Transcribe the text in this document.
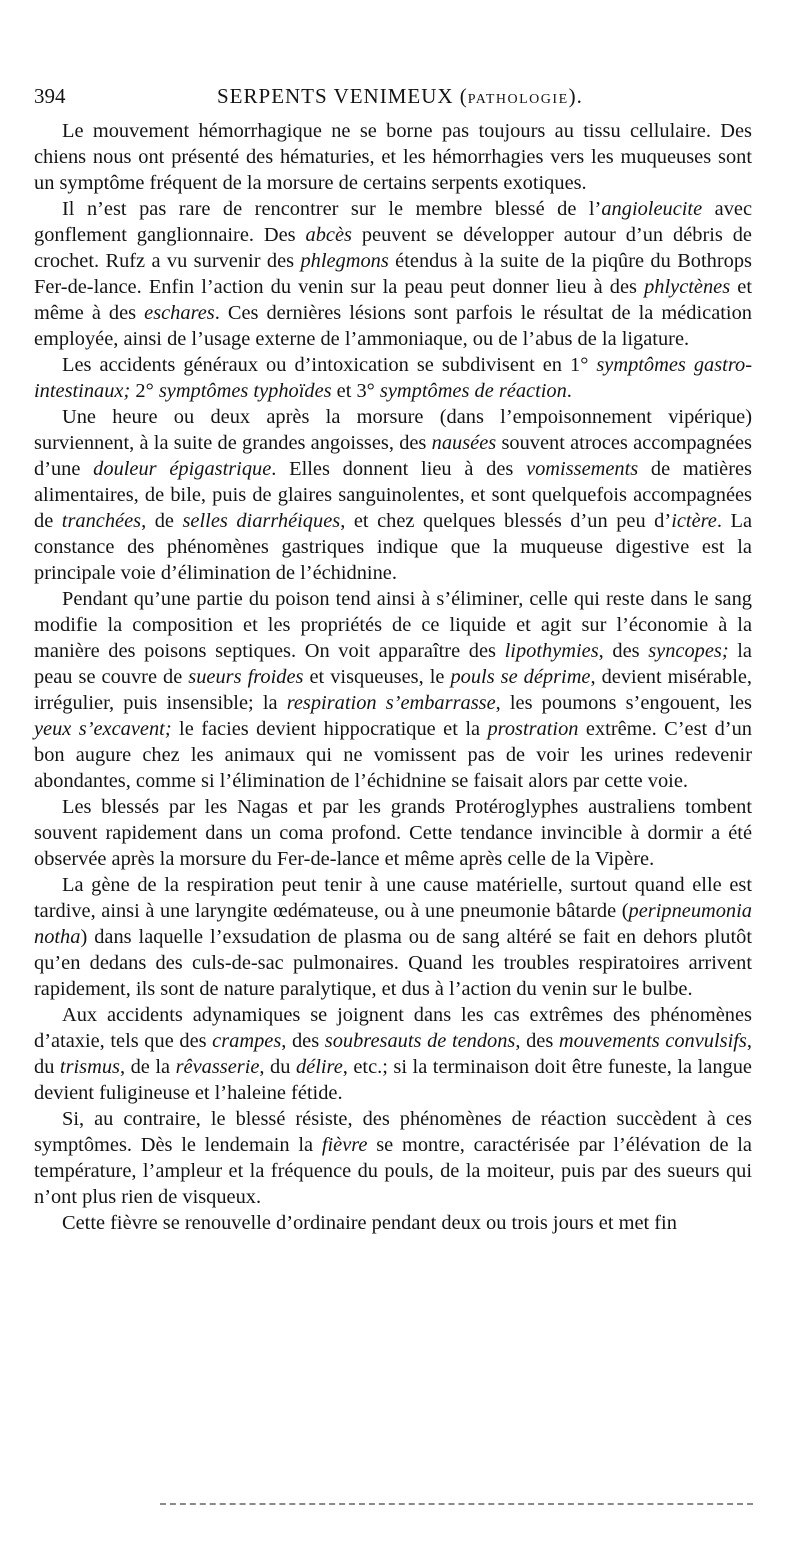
394	SERPENTS VENIMEUX (PATHOLOGIE).

Le mouvement hémorrhagique ne se borne pas toujours au tissu cellulaire. Des chiens nous ont présenté des hématuries, et les hémorrhagies vers les muqueuses sont un symptôme fréquent de la morsure de certains serpents exotiques.

Il n’est pas rare de rencontrer sur le membre blessé de l’angioleucite avec gonflement ganglionnaire. Des abcès peuvent se développer autour d’un débris de crochet. Rufz a vu survenir des phlegmons étendus à la suite de la piqûre du Bothrops Fer-de-lance. Enfin l’action du venin sur la peau peut donner lieu à des phlyctènes et même à des eschares. Ces dernières lésions sont parfois le résultat de la médication employée, ainsi de l’usage externe de l’ammoniaque, ou de l’abus de la ligature.

Les accidents généraux ou d’intoxication se subdivisent en 1° symptômes gastro-intestinaux; 2° symptômes typhoïdes et 3° symptômes de réaction.

Une heure ou deux après la morsure (dans l’empoisonnement vipérique) surviennent, à la suite de grandes angoisses, des nausées souvent atroces accompagnées d’une douleur épigastrique. Elles donnent lieu à des vomissements de matières alimentaires, de bile, puis de glaires sanguinolentes, et sont quelquefois accompagnées de tranchées, de selles diarrhéiques, et chez quelques blessés d’un peu d’ictère. La constance des phénomènes gastriques indique que la muqueuse digestive est la principale voie d’élimination de l’échidnine.

Pendant qu’une partie du poison tend ainsi à s’éliminer, celle qui reste dans le sang modifie la composition et les propriétés de ce liquide et agit sur l’économie à la manière des poisons septiques. On voit apparaître des lipothymies, des syncopes; la peau se couvre de sueurs froides et visqueuses, le pouls se déprime, devient misérable, irrégulier, puis insensible; la respiration s’embarrasse, les poumons s’engouent, les yeux s’excavent; le facies devient hippocratique et la prostration extrême. C’est d’un bon augure chez les animaux qui ne vomissent pas de voir les urines redevenir abondantes, comme si l’élimination de l’échidnine se faisait alors par cette voie.

Les blessés par les Nagas et par les grands Protéroglyphes australiens tombent souvent rapidement dans un coma profond. Cette tendance invincible à dormir a été observée après la morsure du Fer-de-lance et même après celle de la Vipère.

La gène de la respiration peut tenir à une cause matérielle, surtout quand elle est tardive, ainsi à une laryngite œdémateuse, ou à une pneumonie bâtarde (peripneumonia notha) dans laquelle l’exsudation de plasma ou de sang altéré se fait en dehors plutôt qu’en dedans des culs-de-sac pulmonaires. Quand les troubles respiratoires arrivent rapidement, ils sont de nature paralytique, et dus à l’action du venin sur le bulbe.

Aux accidents adynamiques se joignent dans les cas extrêmes des phénomènes d’ataxie, tels que des crampes, des soubresauts de tendons, des mouvements convulsifs, du trismus, de la rêvasserie, du délire, etc.; si la terminaison doit être funeste, la langue devient fuligineuse et l’haleine fétide.

Si, au contraire, le blessé résiste, des phénomènes de réaction succèdent à ces symptômes. Dès le lendemain la fièvre se montre, caractérisée par l’élévation de la température, l’ampleur et la fréquence du pouls, de la moiteur, puis par des sueurs qui n’ont plus rien de visqueux.

Cette fièvre se renouvelle d’ordinaire pendant deux ou trois jours et met fin
